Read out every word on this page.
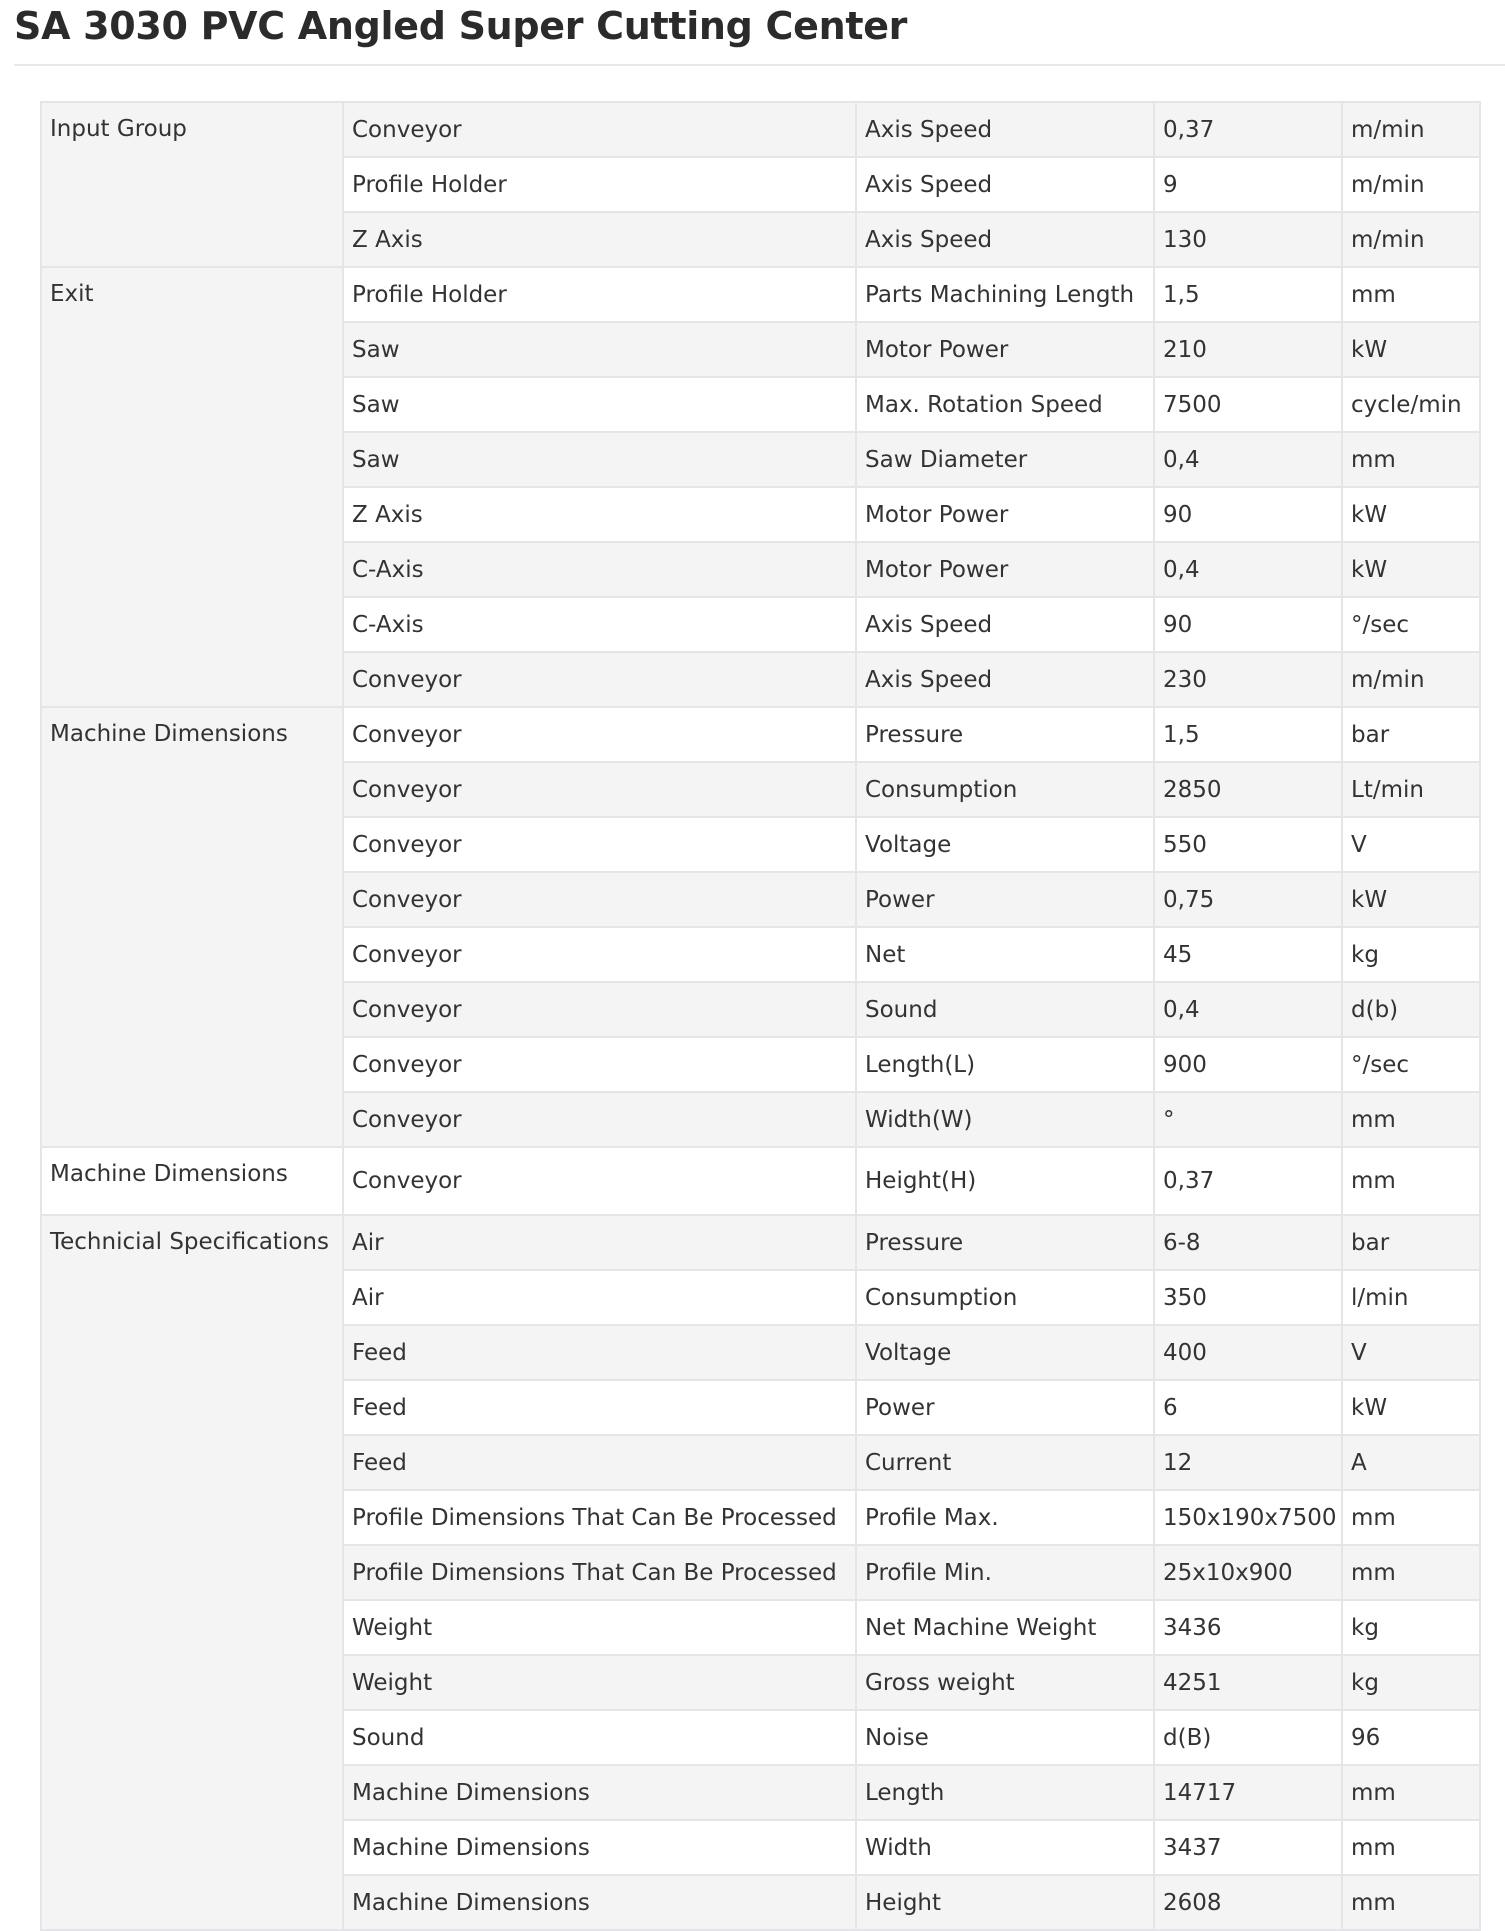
SA 3030 PVC Angled Super Cutting Center
Input Group	Conveyor	Axis Speed	0,37	m/min
	Profile Holder	Axis Speed	9	m/min
	Z Axis	Axis Speed	130	m/min
Exit	Profile Holder	Parts Machining Length	1,5	mm
	Saw	Motor Power	210	kW
	Saw	Max. Rotation Speed	7500	cycle/min
	Saw	Saw Diameter	0,4	mm
	Z Axis	Motor Power	90	kW
	C-Axis	Motor Power	0,4	kW
	C-Axis	Axis Speed	90	°/sec
	Conveyor	Axis Speed	230	m/min
Machine Dimensions	Conveyor	Pressure	1,5	bar
	Conveyor	Consumption	2850	Lt/min
	Conveyor	Voltage	550	V
	Conveyor	Power	0,75	kW
	Conveyor	Net	45	kg
	Conveyor	Sound	0,4	d(b)
	Conveyor	Length(L)	900	°/sec
	Conveyor	Width(W)	°	mm
Machine Dimensions	Conveyor	Height(H)	0,37	mm
Technicial Specifications	Air	Pressure	6-8	bar
	Air	Consumption	350	l/min
	Feed	Voltage	400	V
	Feed	Power	6	kW
	Feed	Current	12	A
	Profile Dimensions That Can Be Processed	Profile Max.	150x190x7500	mm
	Profile Dimensions That Can Be Processed	Profile Min.	25x10x900	mm
	Weight	Net Machine Weight	3436	kg
	Weight	Gross weight	4251	kg
	Sound	Noise	d(B)	96
	Machine Dimensions	Length	14717	mm
	Machine Dimensions	Width	3437	mm
	Machine Dimensions	Height	2608	mm
